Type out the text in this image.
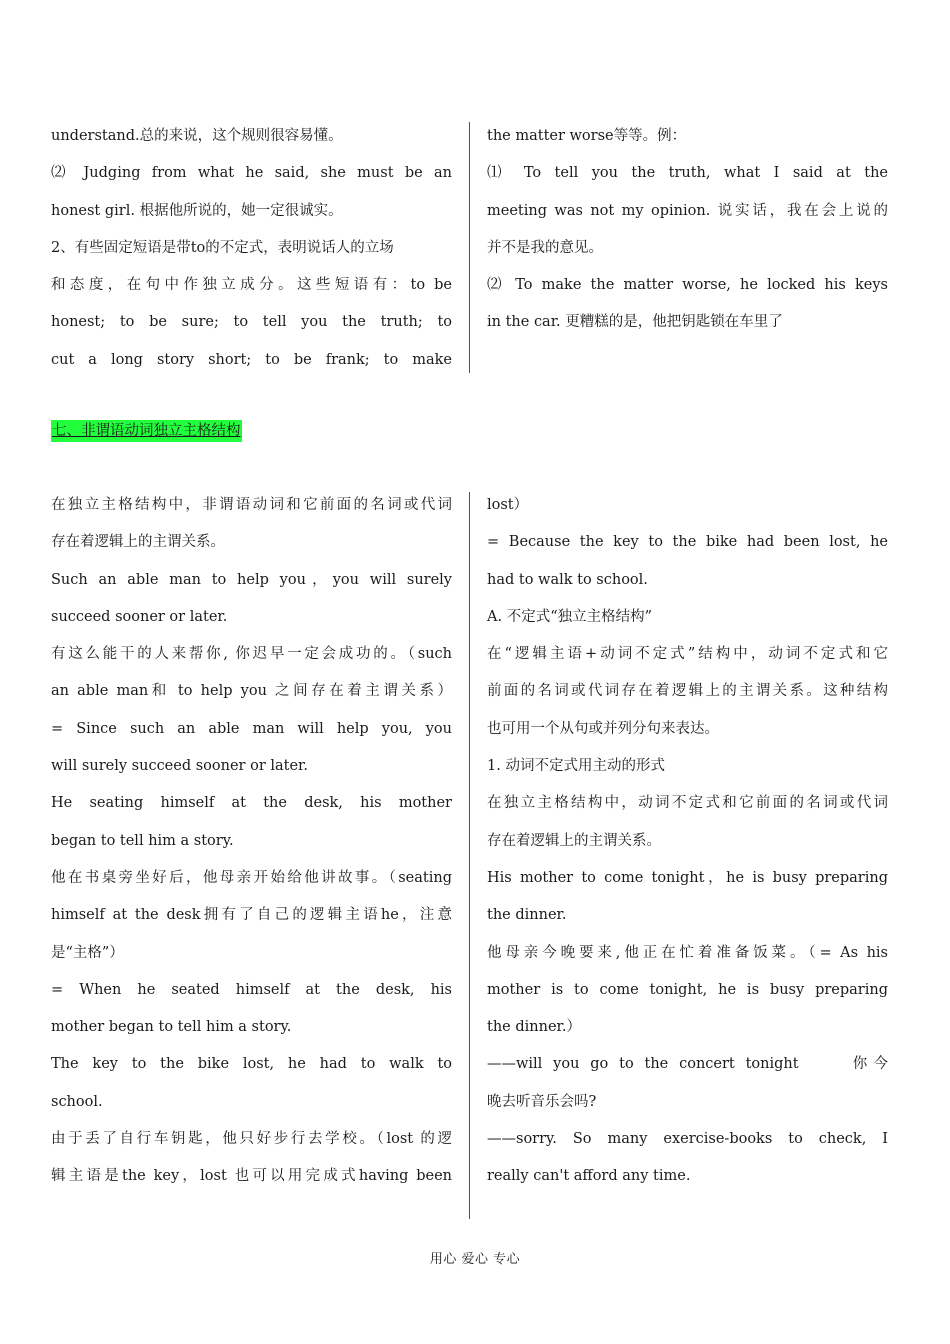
understand.总的来说，这个规则很容易懂。

⑵ Judging from what he said, she must be an

honest girl. 根据他所说的，她一定很诚实。

2、有些固定短语是带to的不定式，表明说话人的立场

和态度，在句中作独立成分。这些短语有：to be

honest; to be sure; to tell you the truth; to

cut a long story short; to be frank; to make

the matter worse等等。例：

⑴ To tell you the truth, what I said at the

meeting was not my opinion. 说实话，我在会上说的

并不是我的意见。

⑵ To make the matter worse, he locked his keys

in the car. 更糟糕的是，他把钥匙锁在车里了

七、非谓语动词独立主格结构

在独立主格结构中，非谓语动词和它前面的名词或代词

存在着逻辑上的主谓关系。

Such an able man to help you，you will surely

succeed sooner or later.

有这么能干的人来帮你, 你迟早一定会成功的。（such

an able man和 to help you 之间存在着主谓关系）

= Since such an able man will help you, you

will surely succeed sooner or later.

He seating himself at the desk, his mother

began to tell him a story.

他在书桌旁坐好后，他母亲开始给他讲故事。（seating

himself at the desk拥有了自己的逻辑主语he，注意

是“主格”）

= When he seated himself at the desk, his

mother began to tell him a story.

The key to the bike lost, he had to walk to

school.

由于丢了自行车钥匙，他只好步行去学校。（lost 的逻

辑主语是the key，lost 也可以用完成式having been

lost）

= Because the key to the bike had been lost, he

had to walk to school.

A. 不定式“独立主格结构”

在“逻辑主语+动词不定式”结构中，动词不定式和它

前面的名词或代词存在着逻辑上的主谓关系。这种结构

也可用一个从句或并列分句来表达。

1. 动词不定式用主动的形式

在独立主格结构中，动词不定式和它前面的名词或代词

存在着逻辑上的主谓关系。

His mother to come tonight，he is busy preparing

the dinner.

他母亲今晚要来,他正在忙着准备饭菜。（= As his

mother is to come tonight, he is busy preparing

the dinner.）

——will you go to the concert tonight     你今

晚去听音乐会吗?

——sorry. So many exercise-books to check, I

really can't afford any time.

用心 爱心 专心
